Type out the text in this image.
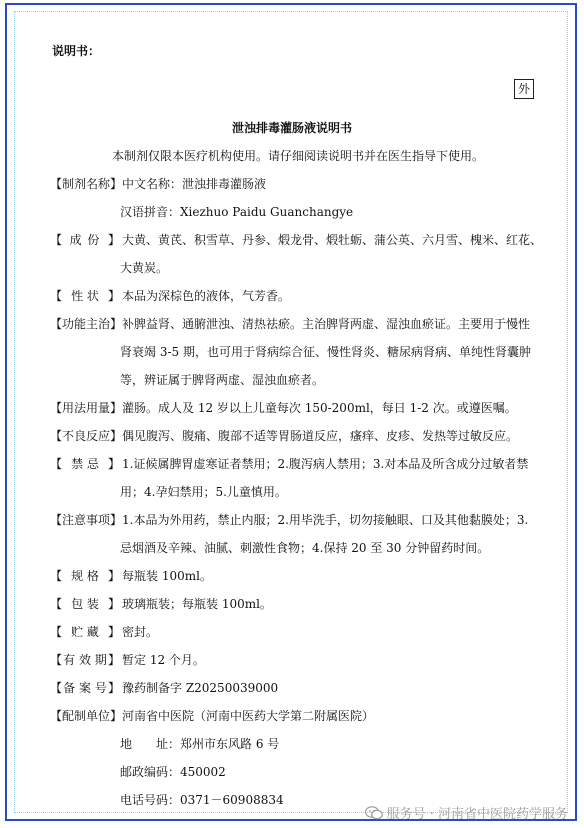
说明书：
外
泄浊排毒灌肠液说明书
本制剂仅限本医疗机构使用。请仔细阅读说明书并在医生指导下使用。
【 制剂名称 】 中文名称：泄浊排毒灌肠液
汉语拼音：Xiezhuo Paidu Guanchangye
【 成 份 】 大黄、黄芪、积雪草、丹参、煅龙骨、煅牡蛎、蒲公英、六月雪、槐米、红花、
大黄炭。
【 性 状 】 本品为深棕色的液体，气芳香。
【 功能主治 】 补脾益肾、通腑泄浊、清热祛瘀。主治脾肾两虚、湿浊血瘀证。主要用于慢性
肾衰竭 3-5 期，也可用于肾病综合征、慢性肾炎、糖尿病肾病、单纯性肾囊肿
等，辨证属于脾肾两虚、湿浊血瘀者。
【 用法用量 】 灌肠。成人及 12 岁以上儿童每次 150-200ml，每日 1-2 次。或遵医嘱。
【 不良反应 】 偶见腹泻、腹痛、腹部不适等胃肠道反应，瘙痒、皮疹、发热等过敏反应。
【 禁 忌 】 1.证候属脾胃虚寒证者禁用；2.腹泻病人禁用；3.对本品及所含成分过敏者禁
用；4.孕妇禁用；5.儿童慎用。
【 注意事项 】 1.本品为外用药，禁止内服；2.用毕洗手，切勿接触眼、口及其他黏膜处；3.
忌烟酒及辛辣、油腻、刺激性食物；4.保持 20 至 30 分钟留药时间。
【 规 格 】 每瓶装 100ml。
【 包 装 】 玻璃瓶装；每瓶装 100ml。
【 贮 藏 】 密封。
【 有 效 期 】 暂定 12 个月。
【 备 案 号 】 豫药制备字 Z20250039000
【 配制单位 】 河南省中医院（河南中医药大学第二附属医院）
地　　址：郑州市东风路 6 号
邮政编码：450002
电话号码：0371－60908834
服务号 · 河南省中医院药学服务
